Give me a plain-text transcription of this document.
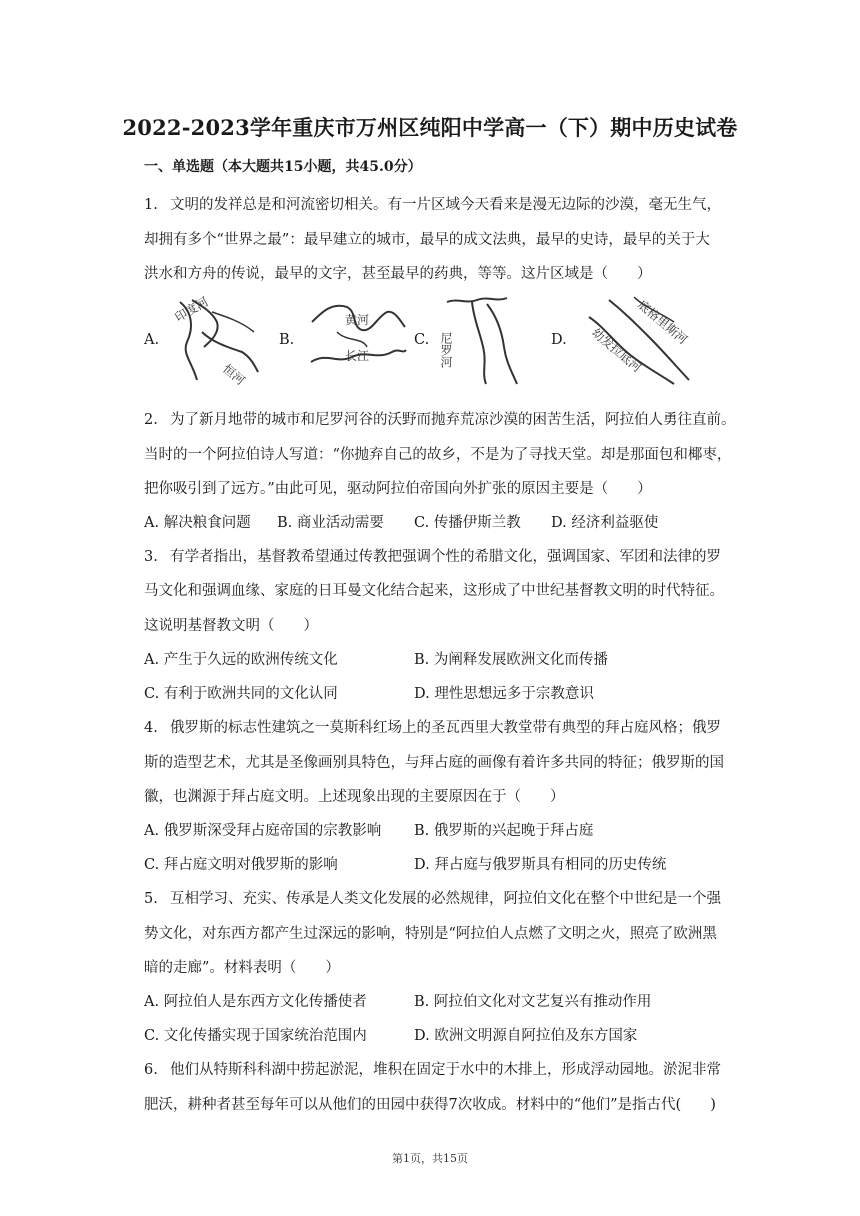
2022-2023学年重庆市万州区纯阳中学高一（下）期中历史试卷
一、单选题（本大题共15小题，共45.0分）

1. 文明的发祥总是和河流密切相关。有一片区域今天看来是漫无边际的沙漠，毫无生气，

却拥有多个“世界之最”：最早建立的城市，最早的成文法典，最早的史诗，最早的关于大

洪水和方舟的传说，最早的文字，甚至最早的药典，等等。这片区域是（　　）

A.
印度河
恒河
B.
黄河
长江
C. 尼罗河	D.	底格里斯河
幼发拉底河

2. 为了新月地带的城市和尼罗河谷的沃野而抛弃荒凉沙漠的困苦生活，阿拉伯人勇往直前。

当时的一个阿拉伯诗人写道：“你抛弃自己的故乡，不是为了寻找天堂。却是那面包和椰枣，

把你吸引到了远方。”由此可见，驱动阿拉伯帝国向外扩张的原因主要是（　　）

A. 解决粮食问题 B. 商业活动需要 C. 传播伊斯兰教 D. 经济利益驱使

3. 有学者指出，基督教希望通过传教把强调个性的希腊文化，强调国家、军团和法律的罗

马文化和强调血缘、家庭的日耳曼文化结合起来，这形成了中世纪基督教文明的时代特征。

这说明基督教文明（　　）

A. 产生于久远的欧洲传统文化	B. 为阐释发展欧洲文化而传播
C. 有利于欧洲共同的文化认同	D. 理性思想远多于宗教意识

4. 俄罗斯的标志性建筑之一莫斯科红场上的圣瓦西里大教堂带有典型的拜占庭风格；俄罗

斯的造型艺术，尤其是圣像画别具特色，与拜占庭的画像有着许多共同的特征；俄罗斯的国

徽，也渊源于拜占庭文明。上述现象出现的主要原因在于（　　）

A. 俄罗斯深受拜占庭帝国的宗教影响 B. 俄罗斯的兴起晚于拜占庭
C. 拜占庭文明对俄罗斯的影响	D. 拜占庭与俄罗斯具有相同的历史传统

5. 互相学习、充实、传承是人类文化发展的必然规律，阿拉伯文化在整个中世纪是一个强

势文化，对东西方都产生过深远的影响，特别是“阿拉伯人点燃了文明之火，照亮了欧洲黑

暗的走廊”。材料表明（　　）

A. 阿拉伯人是东西方文化传播使者	B. 阿拉伯文化对文艺复兴有推动作用
C. 文化传播实现于国家统治范围内	D. 欧洲文明源自阿拉伯及东方国家

6. 他们从特斯科科湖中捞起淤泥，堆积在固定于水中的木排上，形成浮动园地。淤泥非常

肥沃，耕种者甚至每年可以从他们的田园中获得7次收成。材料中的“他们”是指古代(　　)

第1页，共15页
